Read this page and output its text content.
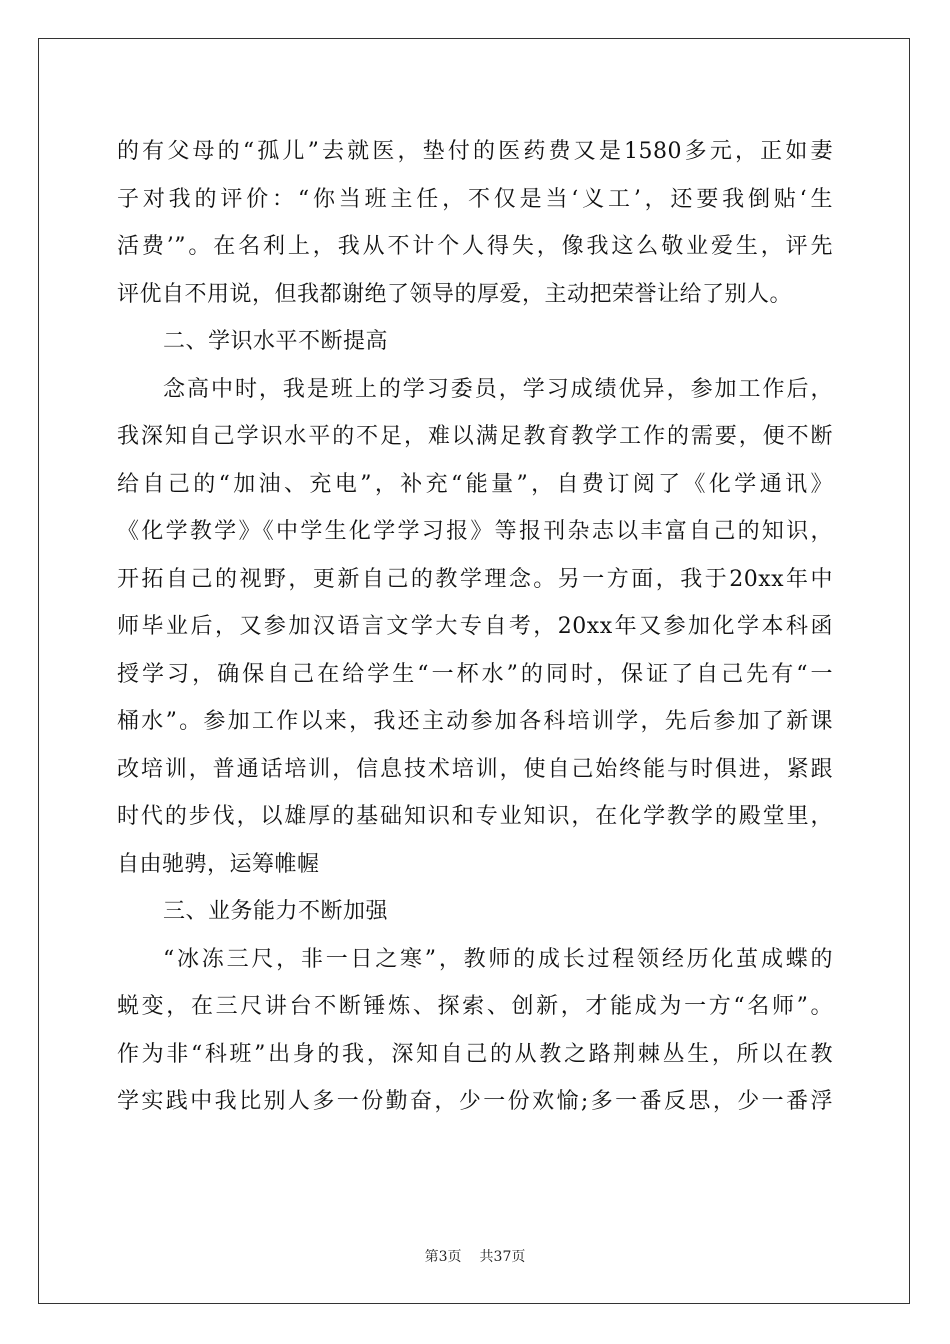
的有父母的“孤儿”去就医，垫付的医药费又是1580多元，正如妻
子对我的评价：“你当班主任，不仅是当‘义工’，还要我倒贴‘生
活费’”。在名利上，我从不计个人得失，像我这么敬业爱生，评先
评优自不用说，但我都谢绝了领导的厚爱，主动把荣誉让给了别人。
二、学识水平不断提高
念高中时，我是班上的学习委员，学习成绩优异，参加工作后，
我深知自己学识水平的不足，难以满足教育教学工作的需要，便不断
给自己的“加油、充电”，补充“能量”，自费订阅了《化学通讯》
《化学教学》《中学生化学学习报》等报刊杂志以丰富自己的知识，
开拓自己的视野，更新自己的教学理念。另一方面，我于20xx年中
师毕业后，又参加汉语言文学大专自考，20xx年又参加化学本科函
授学习，确保自己在给学生“一杯水”的同时，保证了自己先有“一
桶水”。参加工作以来，我还主动参加各科培训学，先后参加了新课
改培训，普通话培训，信息技术培训，使自己始终能与时俱进，紧跟
时代的步伐，以雄厚的基础知识和专业知识，在化学教学的殿堂里，
自由驰骋，运筹帷幄
三、业务能力不断加强
“冰冻三尺，非一日之寒”，教师的成长过程领经历化茧成蝶的
蜕变，在三尺讲台不断锤炼、探索、创新，才能成为一方“名师”。
作为非“科班”出身的我，深知自己的从教之路荆棘丛生，所以在教
学实践中我比别人多一份勤奋，少一份欢愉;多一番反思，少一番浮
第3页 共37页
